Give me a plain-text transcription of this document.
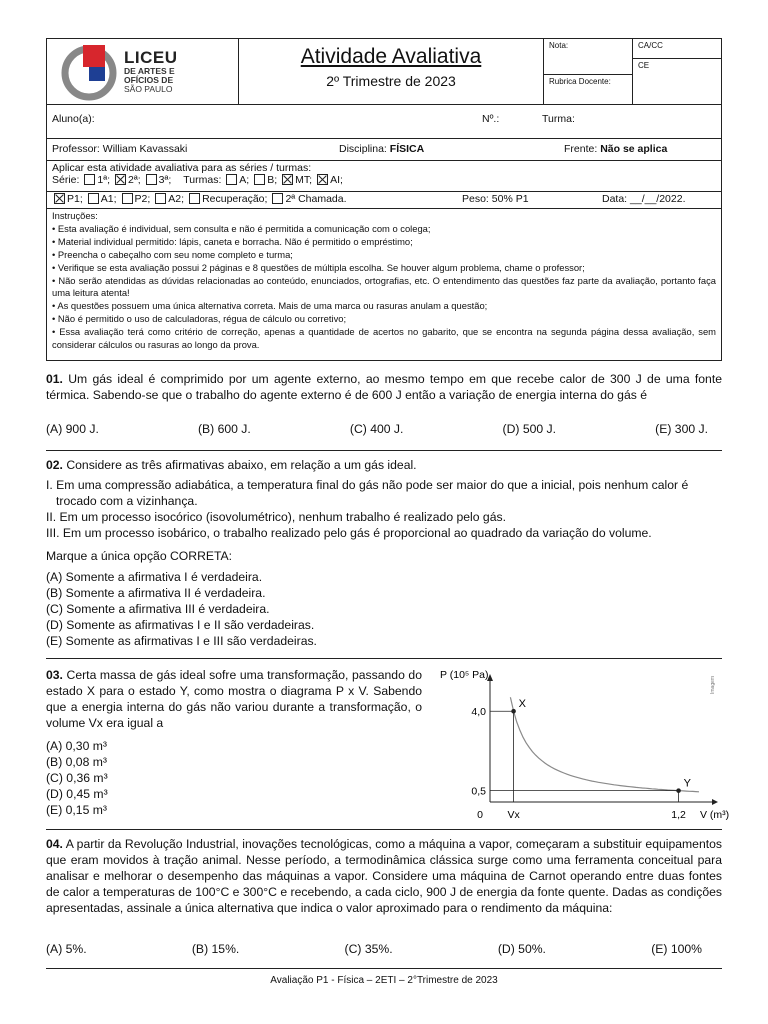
LICEU
DE ARTES E
OFÍCIOS DE
SÃO PAULO
Atividade Avaliativa
2º Trimestre de 2023
Nota:
Rubrica Docente:
CA/CC
CE
Aluno(a):	Nº.:	Turma:
Professor: William Kavassaki	Disciplina: FÍSICA	Frente: Não se aplica
Aplicar esta atividade avaliativa para as séries / turmas:
Série: 1ª; 2ª; 3ª; Turmas: A; B; MT; AI;
P1; A1; P2; A2; Recuperação; 2ª Chamada.	Peso: 50% P1	Data: __/__/2022.
Instruções:
• Esta avaliação é individual, sem consulta e não é permitida a comunicação com o colega;
• Material individual permitido: lápis, caneta e borracha. Não é permitido o empréstimo;
• Preencha o cabeçalho com seu nome completo e turma;
• Verifique se esta avaliação possui 2 páginas e 8 questões de múltipla escolha. Se houver algum problema, chame o professor;
• Não serão atendidas as dúvidas relacionadas ao conteúdo, enunciados, ortografias, etc. O entendimento das questões faz parte da avaliação, portanto faça uma leitura atenta!
• As questões possuem uma única alternativa correta. Mais de uma marca ou rasuras anulam a questão;
• Não é permitido o uso de calculadoras, régua de cálculo ou corretivo;
• Essa avaliação terá como critério de correção, apenas a quantidade de acertos no gabarito, que se encontra na segunda página dessa avaliação, sem considerar cálculos ou rasuras ao longo da prova.
01. Um gás ideal é comprimido por um agente externo, ao mesmo tempo em que recebe calor de 300 J de uma fonte térmica. Sabendo-se que o trabalho do agente externo é de 600 J então a variação de energia interna do gás é
(A) 900 J.	(B) 600 J.	(C) 400 J.	(D) 500 J.	(E) 300 J.
02. Considere as três afirmativas abaixo, em relação a um gás ideal.
I. Em uma compressão adiabática, a temperatura final do gás não pode ser maior do que a inicial, pois nenhum calor é trocado com a vizinhança.
II. Em um processo isocórico (isovolumétrico), nenhum trabalho é realizado pelo gás.
III. Em um processo isobárico, o trabalho realizado pelo gás é proporcional ao quadrado da variação do volume.
Marque a única opção CORRETA:
(A) Somente a afirmativa I é verdadeira.
(B) Somente a afirmativa II é verdadeira.
(C) Somente a afirmativa III é verdadeira.
(D) Somente as afirmativas I e II são verdadeiras.
(E) Somente as afirmativas I e III são verdadeiras.
03. Certa massa de gás ideal sofre uma transformação, passando do estado X para o estado Y, como mostra o diagrama P x V. Sabendo que a energia interna do gás não variou durante a transformação, o volume Vx era igual a
(A) 0,30 m³
(B) 0,08 m³
(C) 0,36 m³
(D) 0,45 m³
(E) 0,15 m³
X
Y
4,0
0,5
0 Vx	1,2 V (m³)
P (10⁵ Pa)
Imagem
04. A partir da Revolução Industrial, inovações tecnológicas, como a máquina a vapor, começaram a substituir equipamentos que eram movidos à tração animal. Nesse período, a termodinâmica clássica surge como uma ferramenta conceitual para analisar e melhorar o desempenho das máquinas a vapor. Considere uma máquina de Carnot operando entre duas fontes de calor a temperaturas de 100°C e 300°C e recebendo, a cada ciclo, 900 J de energia da fonte quente. Dadas as condições apresentadas, assinale a única alternativa que indica o valor aproximado para o rendimento da máquina:
(A) 5%.	(B) 15%.	(C) 35%.	(D) 50%.	(E) 100%
Avaliação P1 - Física – 2ETI – 2°Trimestre de 2023
